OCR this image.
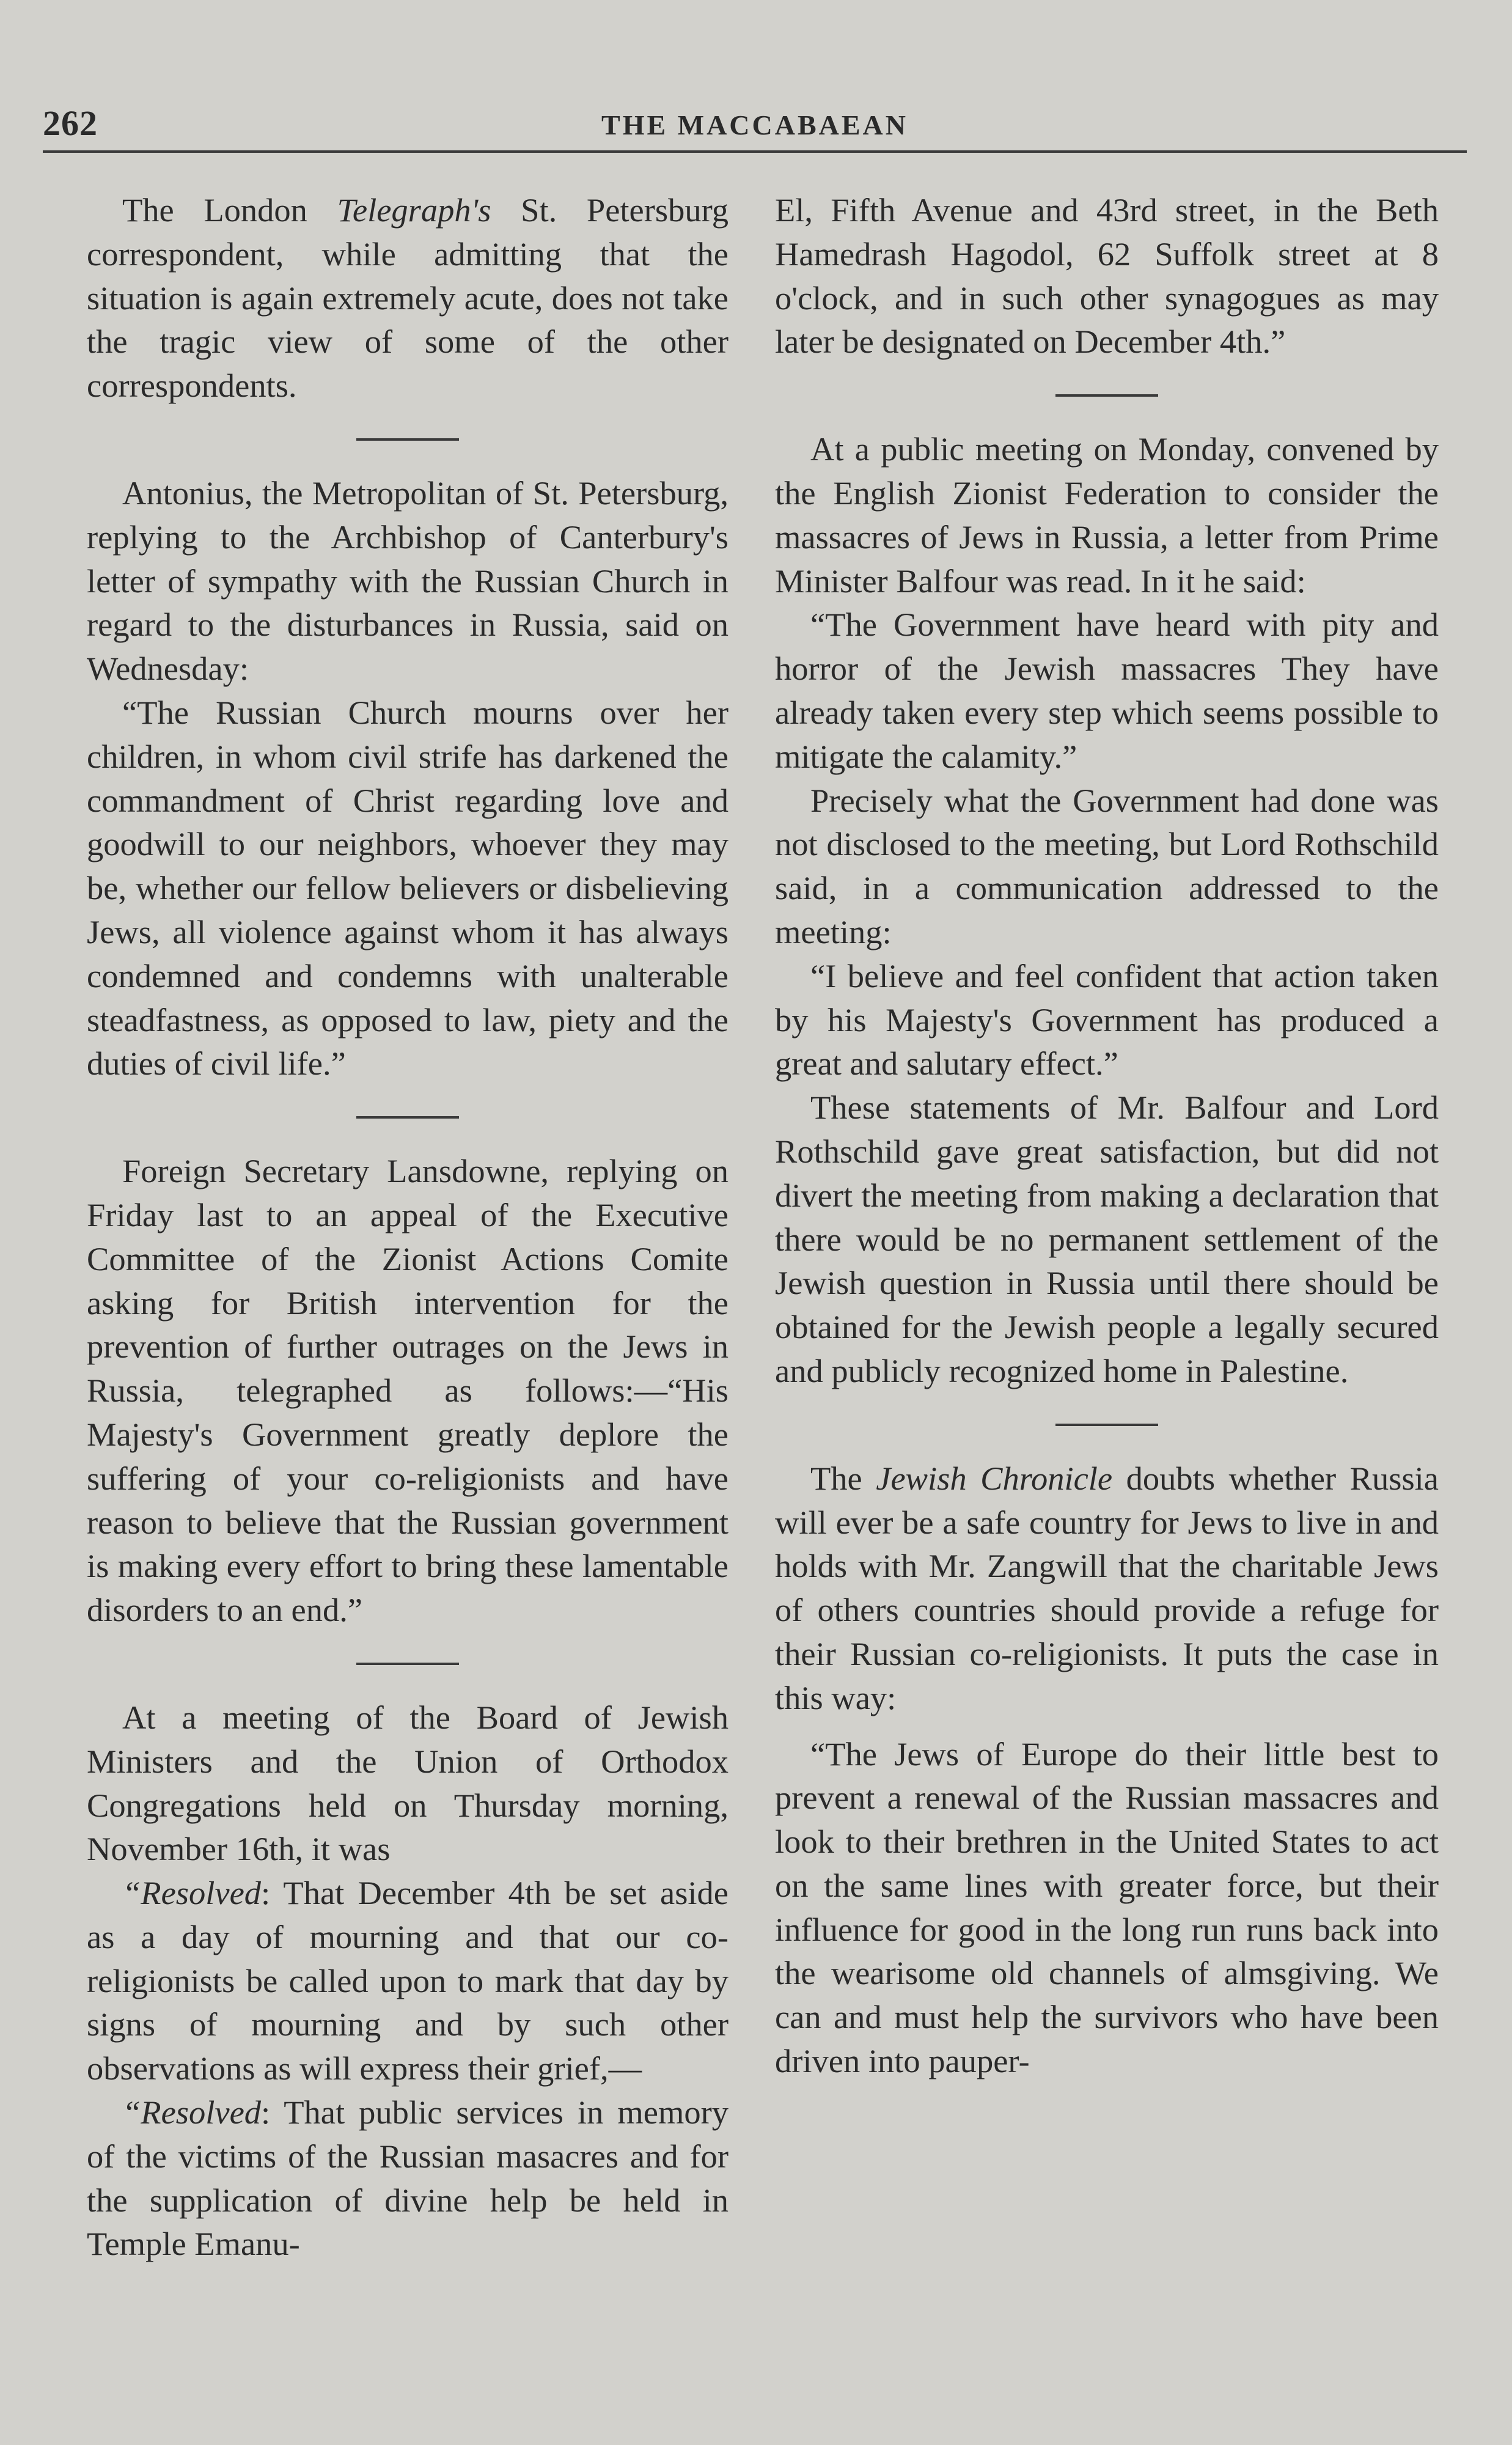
262	THE MACCABAEAN

The London Telegraph's St. Petersburg correspondent, while admitting that the situation is again extremely acute, does not take the tragic view of some of the other correspondents.

Antonius, the Metropolitan of St. Petersburg, replying to the Archbishop of Canterbury's letter of sympathy with the Russian Church in regard to the disturbances in Russia, said on Wednesday:

“The Russian Church mourns over her children, in whom civil strife has darkened the commandment of Christ regarding love and goodwill to our neighbors, whoever they may be, whether our fellow believers or disbelieving Jews, all violence against whom it has always condemned and condemns with unalterable steadfastness, as opposed to law, piety and the duties of civil life.”

Foreign Secretary Lansdowne, replying on Friday last to an appeal of the Executive Committee of the Zionist Actions Comite asking for British intervention for the prevention of further outrages on the Jews in Russia, telegraphed as follows:—“His Majesty's Government greatly deplore the suffering of your co-religionists and have reason to believe that the Russian government is making every effort to bring these lamentable disorders to an end.”

At a meeting of the Board of Jewish Ministers and the Union of Orthodox Congregations held on Thursday morning, November 16th, it was

“Resolved: That December 4th be set aside as a day of mourning and that our co-religionists be called upon to mark that day by signs of mourning and by such other observations as will express their grief,—

“Resolved: That public services in memory of the victims of the Russian masacres and for the supplication of divine help be held in Temple Emanu-

El, Fifth Avenue and 43rd street, in the Beth Hamedrash Hagodol, 62 Suffolk street at 8 o'clock, and in such other synagogues as may later be designated on December 4th.”

At a public meeting on Monday, convened by the English Zionist Federation to consider the massacres of Jews in Russia, a letter from Prime Minister Balfour was read. In it he said:

“The Government have heard with pity and horror of the Jewish massacres They have already taken every step which seems possible to mitigate the calamity.”

Precisely what the Government had done was not disclosed to the meeting, but Lord Rothschild said, in a communication addressed to the meeting:

“I believe and feel confident that action taken by his Majesty's Government has produced a great and salutary effect.”

These statements of Mr. Balfour and Lord Rothschild gave great satisfaction, but did not divert the meeting from making a declaration that there would be no permanent settlement of the Jewish question in Russia until there should be obtained for the Jewish people a legally secured and publicly recognized home in Palestine.

The Jewish Chronicle doubts whether Russia will ever be a safe country for Jews to live in and holds with Mr. Zangwill that the charitable Jews of others countries should provide a refuge for their Russian co-religionists. It puts the case in this way:

“The Jews of Europe do their little best to prevent a renewal of the Russian massacres and look to their brethren in the United States to act on the same lines with greater force, but their influence for good in the long run runs back into the wearisome old channels of almsgiving. We can and must help the survivors who have been driven into pauper-
